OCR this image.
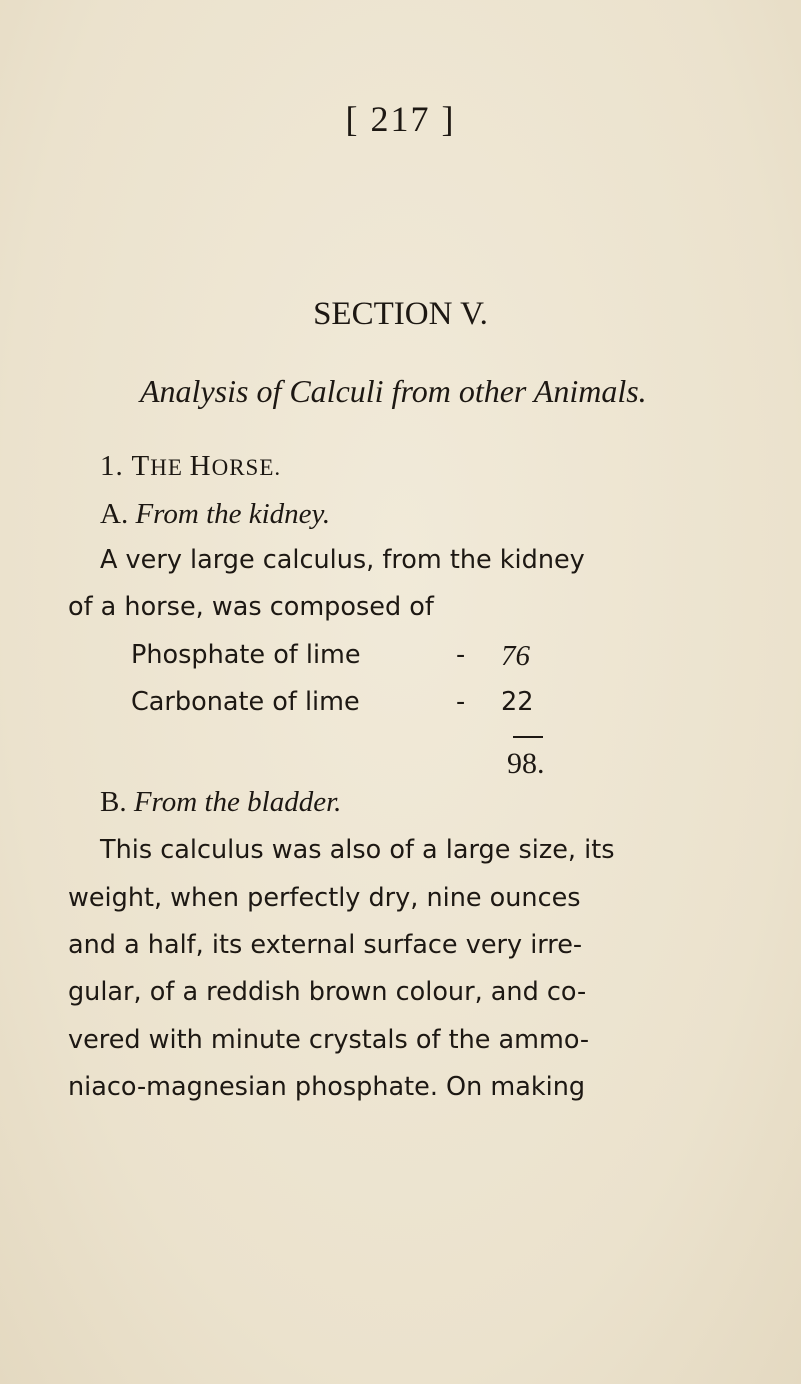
[ 217 ]
SECTION V.
Analysis of Calculi from other Animals.
1. THE HORSE.
A. From the kidney.
A very large calculus, from the kidney
of a horse, was composed of
Phosphate of lime	- 76
Carbonate of lime	- 22
98.
B. From the bladder.
This calculus was also of a large size, its
weight, when perfectly dry, nine ounces
and a half, its external surface very irre-
gular, of a reddish brown colour, and co-
vered with minute crystals of the ammo-
niaco-magnesian phosphate. On making
